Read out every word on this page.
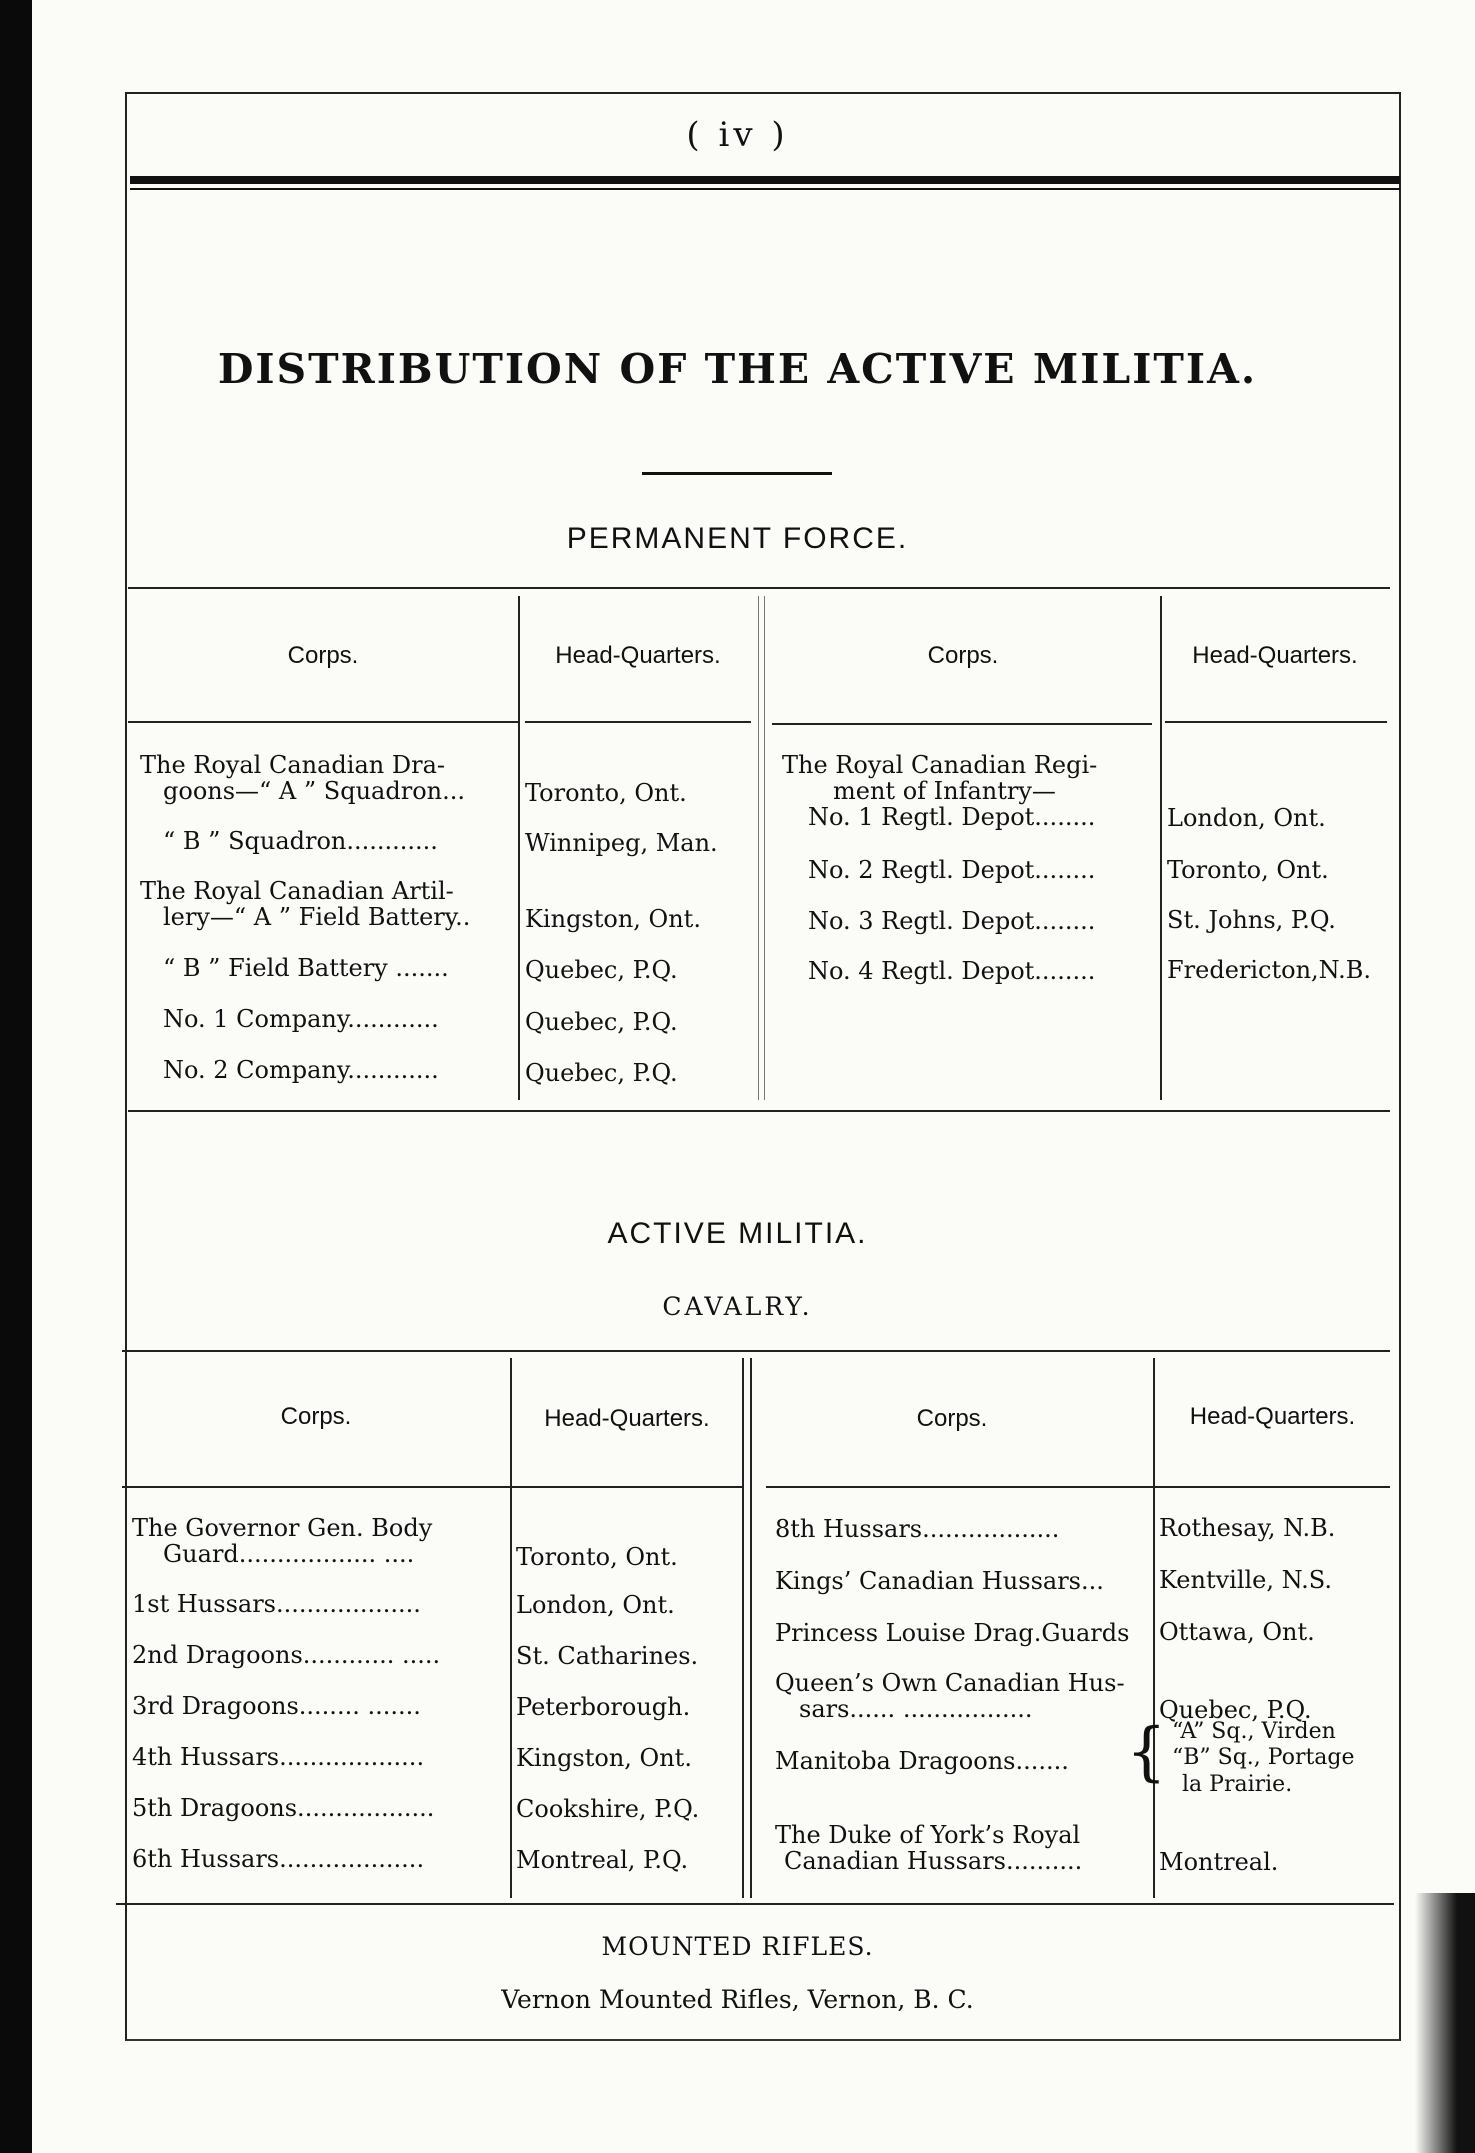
( iv )
DISTRIBUTION OF THE ACTIVE MILITIA.
PERMANENT FORCE.
Corps.	Head-Quarters.	Corps.	Head-Quarters.
The Royal Canadian Dra-
goons—“ A ” Squadron...	Toronto, Ont.
“ B ” Squadron............	Winnipeg, Man.
The Royal Canadian Artil-
lery—“ A ” Field Battery.. Kingston, Ont.
“ B ” Field Battery .......	Quebec, P.Q.
No. 1 Company............	Quebec, P.Q.
No. 2 Company............	Quebec, P.Q.
The Royal Canadian Regi-
ment of Infantry—
No. 1 Regtl. Depot........	London, Ont.
No. 2 Regtl. Depot........	Toronto, Ont.
No. 3 Regtl. Depot........	St. Johns, P.Q.
No. 4 Regtl. Depot........	Fredericton,N.B.
ACTIVE MILITIA.
CAVALRY.
Corps.	Head-Quarters.	Corps.	Head-Quarters.
The Governor Gen. Body
Guard.................. ....	Toronto, Ont.
1st Hussars...................	London, Ont.
2nd Dragoons............ .....	St. Catharines.
3rd Dragoons........ .......	Peterborough.
4th Hussars...................	Kingston, Ont.
5th Dragoons..................	Cookshire, P.Q.
6th Hussars...................	Montreal, P.Q.
8th Hussars..................	Rothesay, N.B.
Kings’ Canadian Hussars... Kentville, N.S.
Princess Louise Drag.Guards Ottawa, Ont.
Queen’s Own Canadian Hus-
sars...... .................	Quebec, P.Q.
Manitoba Dragoons....... { “A” Sq., Virden
“B” Sq., Portage
la Prairie.
The Duke of York’s Royal
Canadian Hussars..........	Montreal.
MOUNTED RIFLES.
Vernon Mounted Rifles, Vernon, B. C.
